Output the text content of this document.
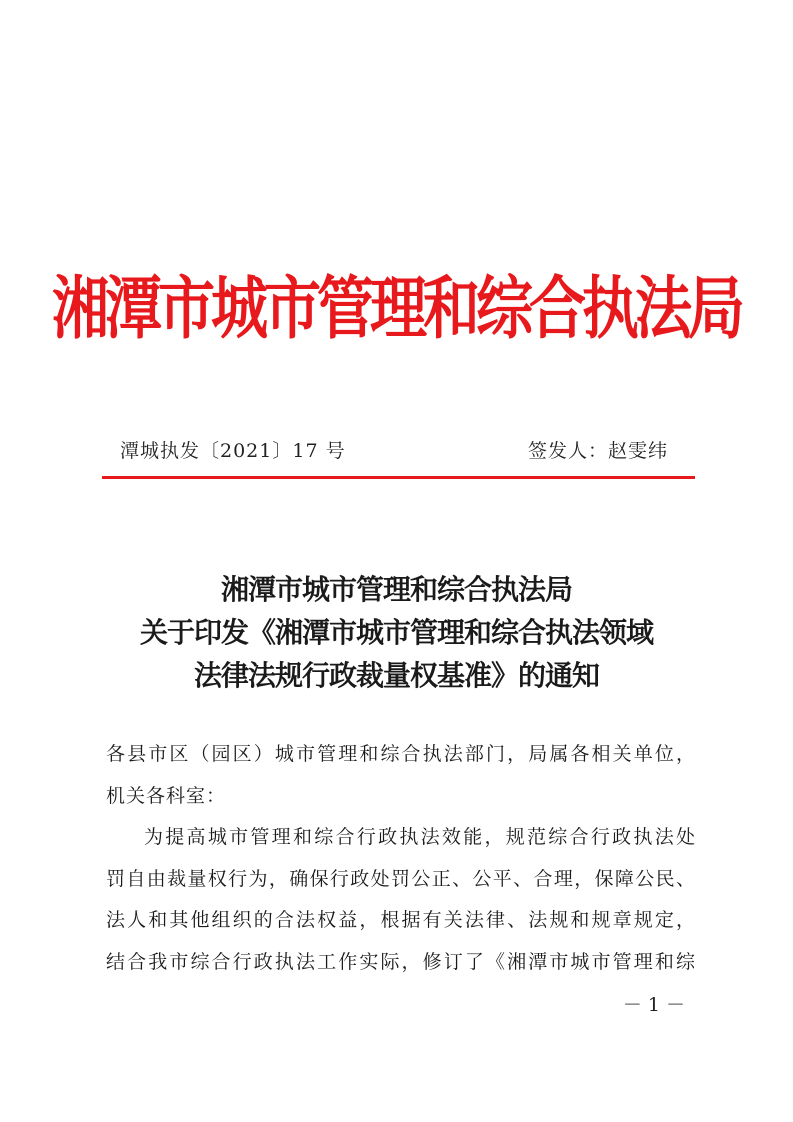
湘潭市城市管理和综合执法局
潭城执发〔2021〕17 号	签发人：赵雯纬
湘潭市城市管理和综合执法局
关于印发《湘潭市城市管理和综合执法领域
法律法规行政裁量权基准》的通知

各县市区（园区）城市管理和综合执法部门，局属各相关单位，

机关各科室：

为提高城市管理和综合行政执法效能，规范综合行政执法处

罚自由裁量权行为，确保行政处罚公正、公平、合理，保障公民、

法人和其他组织的合法权益，根据有关法律、法规和规章规定，

结合我市综合行政执法工作实际，修订了《湘潭市城市管理和综

－ 1 －
